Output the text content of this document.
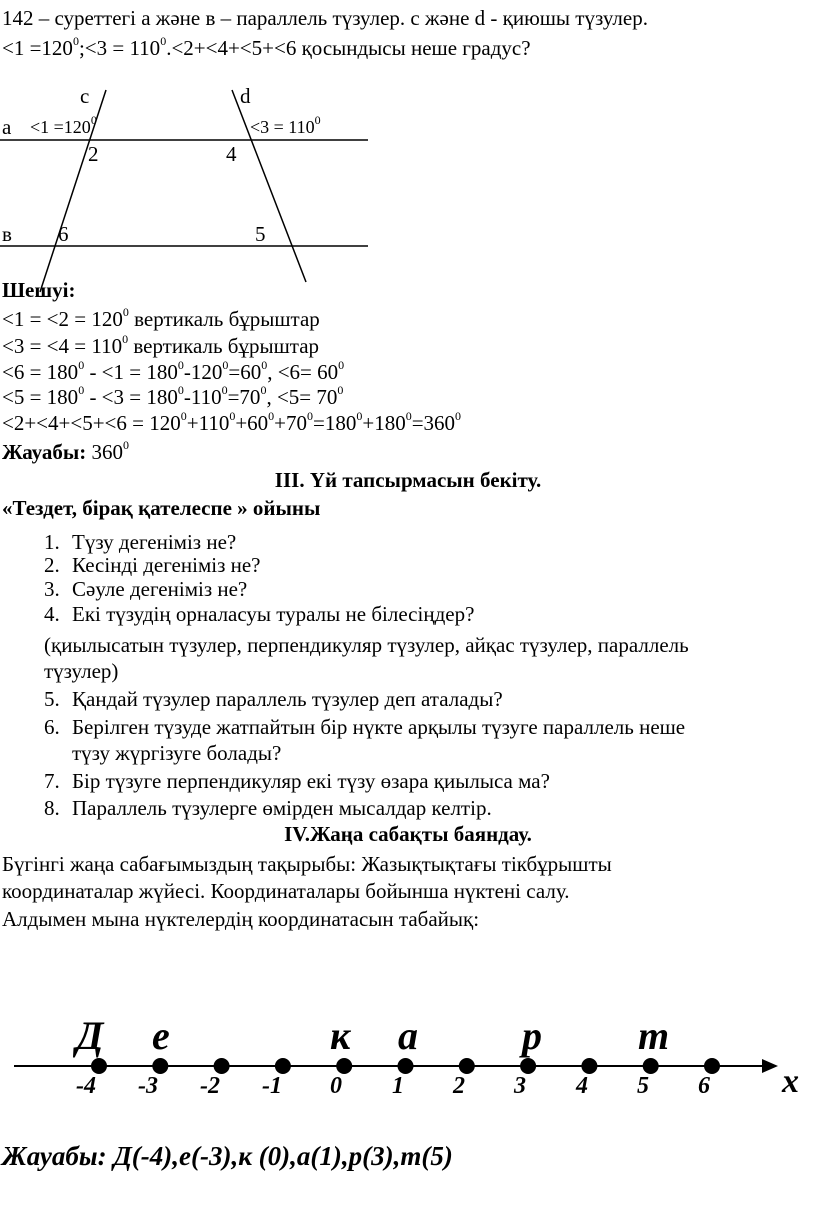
142 – суреттегі а және в – параллель түзулер. с және d - қиюшы түзулер.
$<1 =120^0;<3 = 110^0.<2+<4+<5+<6$ қосындысы неше градус?
c	d
$a <1 =120^0$	$<3 = 110^0$
2	4
в 6	5
Шешуі:
$<1 = <2 = 120^0$ вертикаль бұрыштар
$<3 = <4 = 110^0$ вертикаль бұрыштар
$<6 = 180^0 - <1 = 180^0-120^0=60^0$, $<6= 60^0$
$<5 = 180^0 - <3 = 180^0-110^0=70^0$, $<5= 70^0$
$<2+<4+<5+<6 = 120^0+110^0+60^0+70^0=180^0+180^0=360^0$
Жауабы: $360^0$
ІІІ. Үй тапсырмасын бекіту.
«Тездет, бірақ қателеспе » ойыны
1. Түзу дегеніміз не?
2. Кесінді дегеніміз не?
3. Сәуле дегеніміз не?
4. Екі түзудің орналасуы туралы не білесіңдер?
(қиылысатын түзулер, перпендикуляр түзулер, айқас түзулер, параллель
түзулер)
5. Қандай түзулер параллель түзулер деп аталады?
6. Берілген түзуде жатпайтын бір нүкте арқылы түзуге параллель неше
түзу жүргізуге болады?
7. Бір түзуге перпендикуляр екі түзу өзара қиылыса ма?
8. Параллель түзулерге өмірден мысалдар келтір.
IV.Жаңа сабақты баяндау.
Бүгінгі жаңа сабағымыздың тақырыбы: Жазықтықтағы тікбұрышты
координаталар жүйесі. Координаталары бойынша нүктені салу.
Алдымен мына нүктелердің координатасын табайық:
Д е	к а	р т
-4 -3 -2 -1 0 1 2 3 4 5 6 x
Жауабы: Д(-4),е(-3),к (0),а(1),р(3),т(5)
